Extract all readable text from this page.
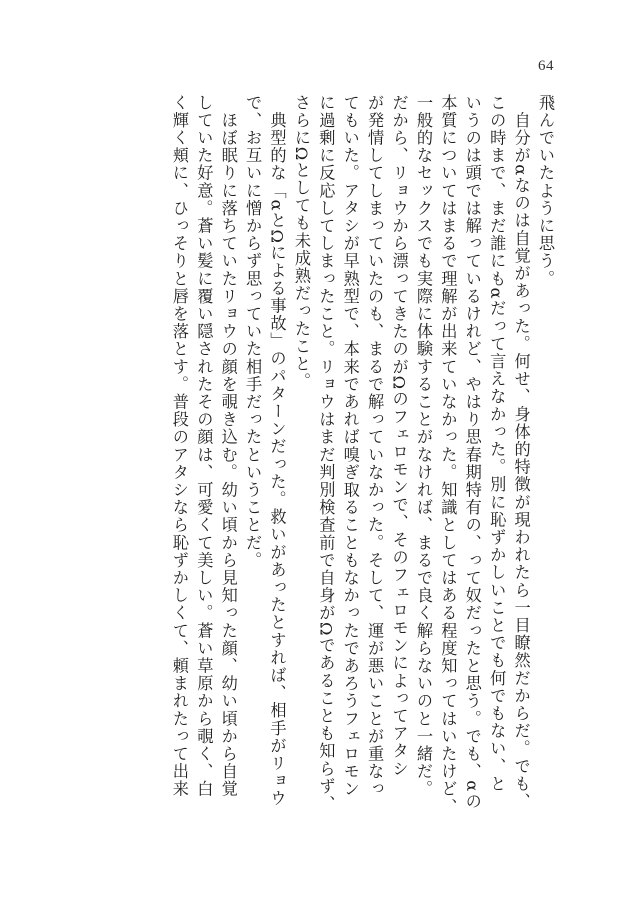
64
飛んでいたように思う。
　自分がαなのは自覚があった。何せ、身体的特徴が現われたら一目瞭然だからだ。でも、
この時まで、まだ誰にもαだって言えなかった。別に恥ずかしいことでも何でもない、と
いうのは頭では解っているけれど、やはり思春期特有の、って奴だったと思う。でも、αの
本質についてはまるで理解が出来ていなかった。知識としてはある程度知ってはいたけど、
一般的なセックスでも実際に体験することがなければ、まるで良く解らないのと一緒だ。
だから、リョウから漂ってきたのがΩのフェロモンで、そのフェロモンによってアタシ
が発情してしまっていたのも、まるで解っていなかった。そして、運が悪いことが重なっ
てもいた。アタシが早熟型で、本来であれば嗅ぎ取ることもなかったであろうフェロモン
に過剰に反応してしまったこと。リョウはまだ判別検査前で自身がΩであることも知らず、
さらにΩとしても未成熟だったこと。
　典型的な「αとΩによる事故」のパターンだった。救いがあったとすれば、相手がリョウ
で、お互いに憎からず思っていた相手だったということだ。
　ほぼ眠りに落ちていたリョウの顔を覗き込む。幼い頃から見知った顔、幼い頃から自覚
していた好意。蒼い髪に覆い隠されたその顔は、可愛くて美しい。蒼い草原から覗く、白
く輝く頬に、ひっそりと唇を落とす。普段のアタシなら恥ずかしくて、頼まれたって出来
